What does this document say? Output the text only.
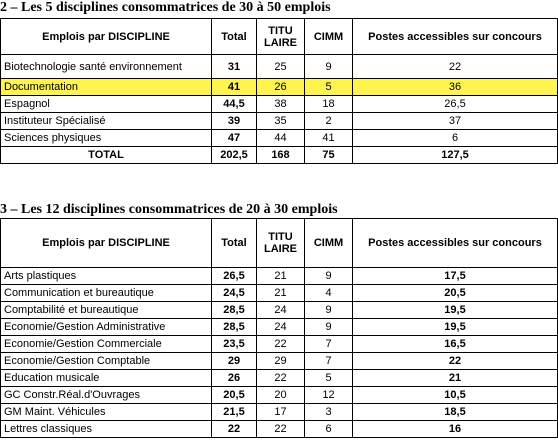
2 – Les 5 disciplines consommatrices de 30 à 50 emplois
Emplois par DISCIPLINE	Total	TITU LAIRE	CIMM	Postes accessibles sur concours
Biotechnologie santé environnement	31	25	9	22
Documentation	41	26	5	36
Espagnol	44,5	38	18	26,5
Instituteur Spécialisé	39	35	2	37
Sciences physiques	47	44	41	6
TOTAL	202,5	168	75	127,5
3 – Les 12 disciplines consommatrices de 20 à 30 emplois
Emplois par DISCIPLINE	Total	TITU LAIRE	CIMM	Postes accessibles sur concours
Arts plastiques	26,5	21	9	17,5
Communication et bureautique	24,5	21	4	20,5
Comptabilité et bureautique	28,5	24	9	19,5
Economie/Gestion Administrative	28,5	24	9	19,5
Economie/Gestion Commerciale	23,5	22	7	16,5
Economie/Gestion Comptable	29	29	7	22
Education musicale	26	22	5	21
GC Constr.Réal.d'Ouvrages	20,5	20	12	10,5
GM Maint. Véhicules	21,5	17	3	18,5
Lettres classiques	22	22	6	16
